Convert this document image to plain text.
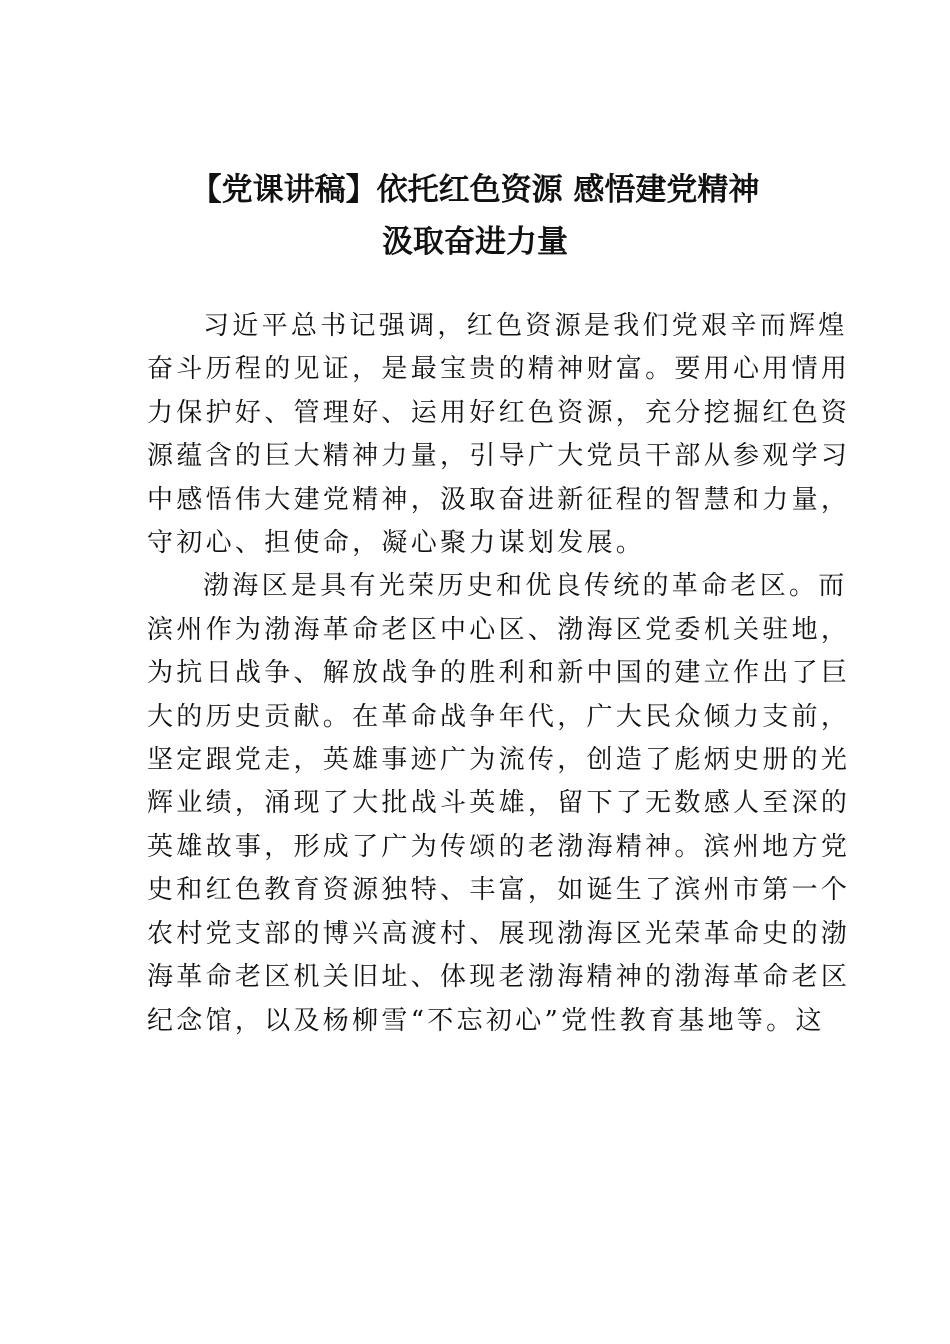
【党课讲稿】依托红色资源 感悟建党精神
汲取奋进力量
习近平总书记强调，红色资源是我们党艰辛而辉煌
奋斗历程的见证，是最宝贵的精神财富。要用心用情用
力保护好、管理好、运用好红色资源，充分挖掘红色资
源蕴含的巨大精神力量，引导广大党员干部从参观学习
中感悟伟大建党精神，汲取奋进新征程的智慧和力量，
守初心、担使命，凝心聚力谋划发展。
渤海区是具有光荣历史和优良传统的革命老区。而
滨州作为渤海革命老区中心区、渤海区党委机关驻地，
为抗日战争、解放战争的胜利和新中国的建立作出了巨
大的历史贡献。在革命战争年代，广大民众倾力支前，
坚定跟党走，英雄事迹广为流传，创造了彪炳史册的光
辉业绩，涌现了大批战斗英雄，留下了无数感人至深的
英雄故事，形成了广为传颂的老渤海精神。滨州地方党
史和红色教育资源独特、丰富，如诞生了滨州市第一个
农村党支部的博兴高渡村、展现渤海区光荣革命史的渤
海革命老区机关旧址、体现老渤海精神的渤海革命老区
纪念馆，以及杨柳雪“不忘初心”党性教育基地等。这
